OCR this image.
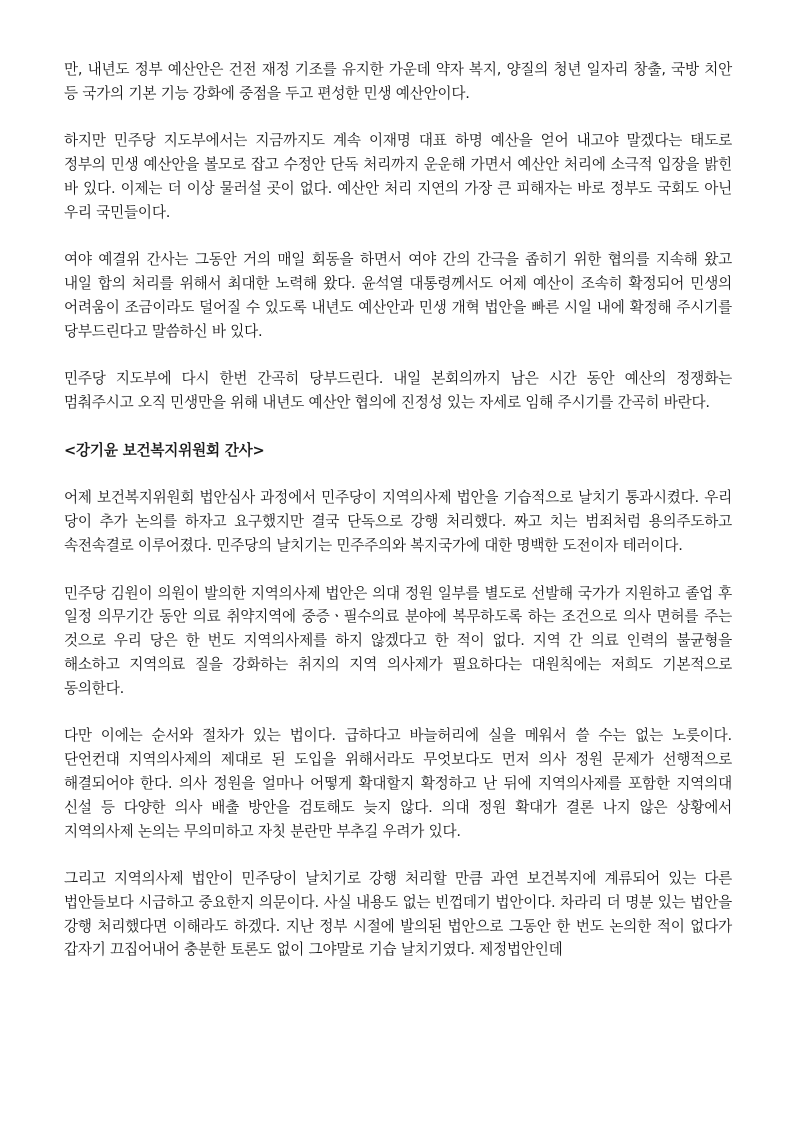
만, 내년도 정부 예산안은 건전 재정 기조를 유지한 가운데 약자 복지, 양질의 청년 일자리 창출, 국방 치안 등 국가의 기본 기능 강화에 중점을 두고 편성한 민생 예산안이다.

하지만 민주당 지도부에서는 지금까지도 계속 이재명 대표 하명 예산을 얻어 내고야 말겠다는 태도로 정부의 민생 예산안을 볼모로 잡고 수정안 단독 처리까지 운운해 가면서 예산안 처리에 소극적 입장을 밝힌 바 있다. 이제는 더 이상 물러설 곳이 없다. 예산안 처리 지연의 가장 큰 피해자는 바로 정부도 국회도 아닌 우리 국민들이다.

여야 예결위 간사는 그동안 거의 매일 회동을 하면서 여야 간의 간극을 좁히기 위한 협의를 지속해 왔고 내일 합의 처리를 위해서 최대한 노력해 왔다. 윤석열 대통령께서도 어제 예산이 조속히 확정되어 민생의 어려움이 조금이라도 덜어질 수 있도록 내년도 예산안과 민생 개혁 법안을 빠른 시일 내에 확정해 주시기를 당부드린다고 말씀하신 바 있다.

민주당 지도부에 다시 한번 간곡히 당부드린다. 내일 본회의까지 남은 시간 동안 예산의 정쟁화는 멈춰주시고 오직 민생만을 위해 내년도 예산안 협의에 진정성 있는 자세로 임해 주시기를 간곡히 바란다.

<강기윤 보건복지위원회 간사>

어제 보건복지위원회 법안심사 과정에서 민주당이 지역의사제 법안을 기습적으로 날치기 통과시켰다. 우리 당이 추가 논의를 하자고 요구했지만 결국 단독으로 강행 처리했다. 짜고 치는 범죄처럼 용의주도하고 속전속결로 이루어졌다. 민주당의 날치기는 민주주의와 복지국가에 대한 명백한 도전이자 테러이다.

민주당 김원이 의원이 발의한 지역의사제 법안은 의대 정원 일부를 별도로 선발해 국가가 지원하고 졸업 후 일정 의무기간 동안 의료 취약지역에 중증ㆍ필수의료 분야에 복무하도록 하는 조건으로 의사 면허를 주는 것으로 우리 당은 한 번도 지역의사제를 하지 않겠다고 한 적이 없다. 지역 간 의료 인력의 불균형을 해소하고 지역의료 질을 강화하는 취지의 지역 의사제가 필요하다는 대원칙에는 저희도 기본적으로 동의한다.

다만 이에는 순서와 절차가 있는 법이다. 급하다고 바늘허리에 실을 메워서 쓸 수는 없는 노릇이다. 단언컨대 지역의사제의 제대로 된 도입을 위해서라도 무엇보다도 먼저 의사 정원 문제가 선행적으로 해결되어야 한다. 의사 정원을 얼마나 어떻게 확대할지 확정하고 난 뒤에 지역의사제를 포함한 지역의대 신설 등 다양한 의사 배출 방안을 검토해도 늦지 않다. 의대 정원 확대가 결론 나지 않은 상황에서 지역의사제 논의는 무의미하고 자칫 분란만 부추길 우려가 있다.

그리고 지역의사제 법안이 민주당이 날치기로 강행 처리할 만큼 과연 보건복지에 계류되어 있는 다른 법안들보다 시급하고 중요한지 의문이다. 사실 내용도 없는 빈껍데기 법안이다. 차라리 더 명분 있는 법안을 강행 처리했다면 이해라도 하겠다. 지난 정부 시절에 발의된 법안으로 그동안 한 번도 논의한 적이 없다가 갑자기 끄집어내어 충분한 토론도 없이 그야말로 기습 날치기였다. 제정법안인데
